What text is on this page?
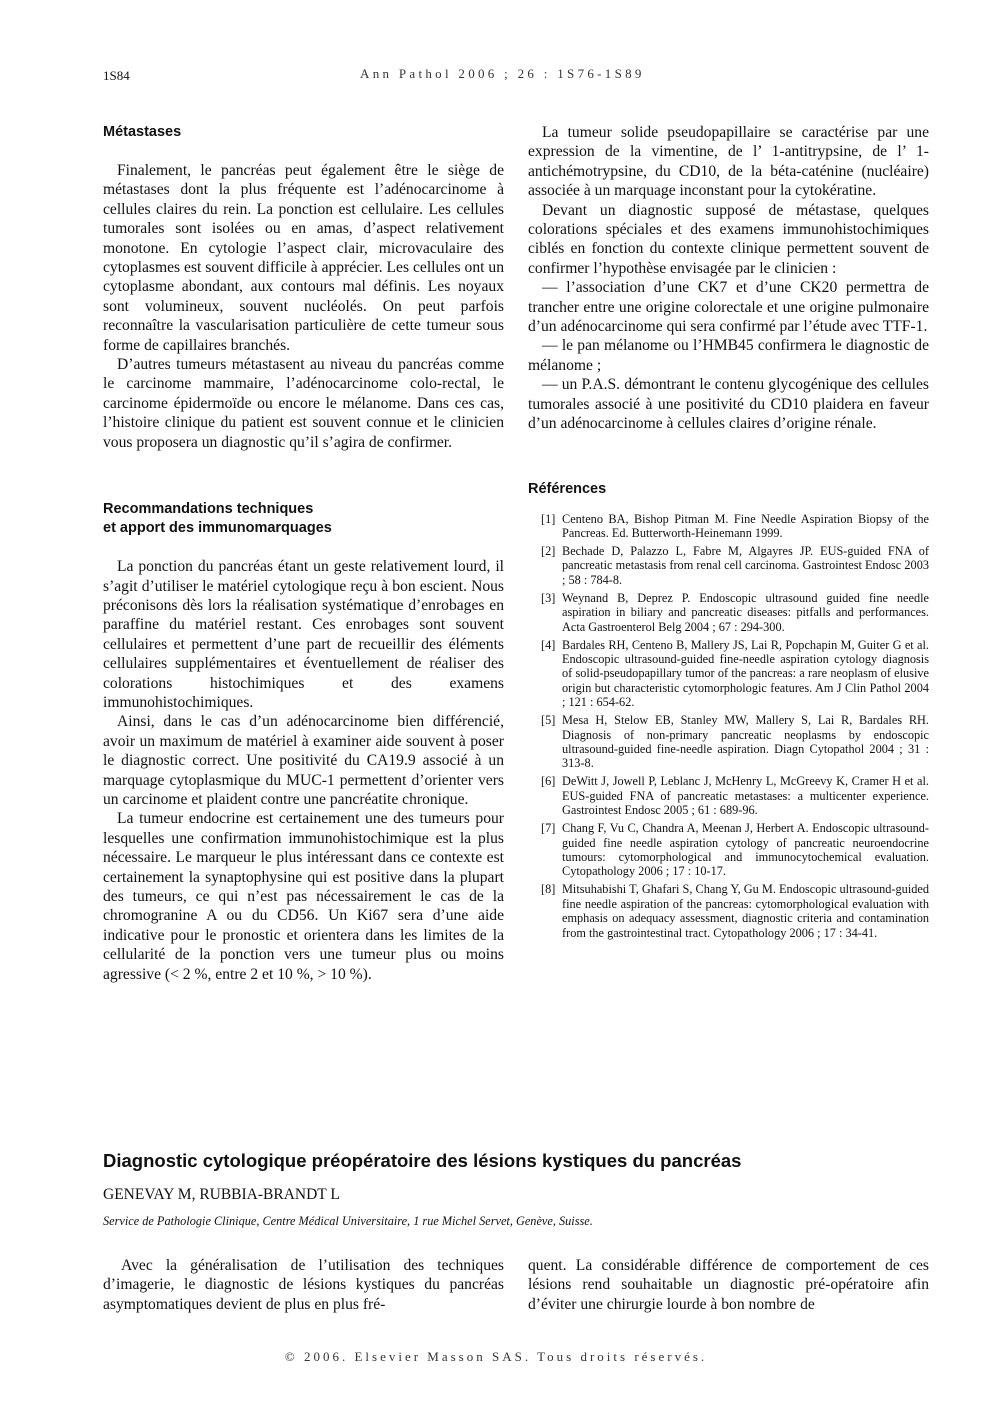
1S84	Ann Pathol 2006 ; 26 : 1S76-1S89
Métastases

Finalement, le pancréas peut également être le siège de métastases dont la plus fréquente est l’adénocarcinome à cellules claires du rein. La ponction est cellulaire. Les cellules tumorales sont isolées ou en amas, d’aspect relativement monotone. En cytologie l’aspect clair, microvaculaire des cytoplasmes est souvent difficile à apprécier. Les cellules ont un cytoplasme abondant, aux contours mal définis. Les noyaux sont volumineux, souvent nucléolés. On peut parfois reconnaître la vascularisation particulière de cette tumeur sous forme de capillaires branchés.

D’autres tumeurs métastasent au niveau du pancréas comme le carcinome mammaire, l’adénocarcinome colo-rectal, le carcinome épidermoïde ou encore le mélanome. Dans ces cas, l’histoire clinique du patient est souvent connue et le clinicien vous proposera un diagnostic qu’il s’agira de confirmer.

Recommandations techniques
et apport des immunomarquages

La ponction du pancréas étant un geste relativement lourd, il s’agit d’utiliser le matériel cytologique reçu à bon escient. Nous préconisons dès lors la réalisation systématique d’enrobages en paraffine du matériel restant. Ces enrobages sont souvent cellulaires et permettent d’une part de recueillir des éléments cellulaires supplémentaires et éventuellement de réaliser des colorations histochimiques et des examens immunohistochimiques.

Ainsi, dans le cas d’un adénocarcinome bien différencié, avoir un maximum de matériel à examiner aide souvent à poser le diagnostic correct. Une positivité du CA19.9 associé à un marquage cytoplasmique du MUC-1 permettent d’orienter vers un carcinome et plaident contre une pancréatite chronique.

La tumeur endocrine est certainement une des tumeurs pour lesquelles une confirmation immunohistochimique est la plus nécessaire. Le marqueur le plus intéressant dans ce contexte est certainement la synaptophysine qui est positive dans la plupart des tumeurs, ce qui n’est pas nécessairement le cas de la chromogranine A ou du CD56. Un Ki67 sera d’une aide indicative pour le pronostic et orientera dans les limites de la cellularité de la ponction vers une tumeur plus ou moins agressive (< 2 %, entre 2 et 10 %, > 10 %).

La tumeur solide pseudopapillaire se caractérise par une expression de la vimentine, de l’ 1-antitrypsine, de l’ 1-antichémotrypsine, du CD10, de la béta-caténine (nucléaire) associée à un marquage inconstant pour la cytokératine.

Devant un diagnostic supposé de métastase, quelques colorations spéciales et des examens immunohistochimiques ciblés en fonction du contexte clinique permettent souvent de confirmer l’hypothèse envisagée par le clinicien :

— l’association d’une CK7 et d’une CK20 permettra de trancher entre une origine colorectale et une origine pulmonaire d’un adénocarcinome qui sera confirmé par l’étude avec TTF-1.

— le pan mélanome ou l’HMB45 confirmera le diagnostic de mélanome ;

— un P.A.S. démontrant le contenu glycogénique des cellules tumorales associé à une positivité du CD10 plaidera en faveur d’un adénocarcinome à cellules claires d’origine rénale.

Références
[1] Centeno BA, Bishop Pitman M. Fine Needle Aspiration Biopsy of the Pancreas. Ed. Butterworth-Heinemann 1999.
[2] Bechade D, Palazzo L, Fabre M, Algayres JP. EUS-guided FNA of pancreatic metastasis from renal cell carcinoma. Gastrointest Endosc 2003 ; 58 : 784-8.
[3] Weynand B, Deprez P. Endoscopic ultrasound guided fine needle aspiration in biliary and pancreatic diseases: pitfalls and performances. Acta Gastroenterol Belg 2004 ; 67 : 294-300.
[4] Bardales RH, Centeno B, Mallery JS, Lai R, Popchapin M, Guiter G et al. Endoscopic ultrasound-guided fine-needle aspiration cytology diagnosis of solid-pseudopapillary tumor of the pancreas: a rare neoplasm of elusive origin but characteristic cytomorphologic features. Am J Clin Pathol 2004 ; 121 : 654-62.
[5] Mesa H, Stelow EB, Stanley MW, Mallery S, Lai R, Bardales RH. Diagnosis of non-primary pancreatic neoplasms by endoscopic ultrasound-guided fine-needle aspiration. Diagn Cytopathol 2004 ; 31 : 313-8.
[6] DeWitt J, Jowell P, Leblanc J, McHenry L, McGreevy K, Cramer H et al. EUS-guided FNA of pancreatic metastases: a multicenter experience. Gastrointest Endosc 2005 ; 61 : 689-96.
[7] Chang F, Vu C, Chandra A, Meenan J, Herbert A. Endoscopic ultrasound-guided fine needle aspiration cytology of pancreatic neuroendocrine tumours: cytomorphological and immunocytochemical evaluation. Cytopathology 2006 ; 17 : 10-17.
[8] Mitsuhabishi T, Ghafari S, Chang Y, Gu M. Endoscopic ultrasound-guided fine needle aspiration of the pancreas: cytomorphological evaluation with emphasis on adequacy assessment, diagnostic criteria and contamination from the gastrointestinal tract. Cytopathology 2006 ; 17 : 34-41.
Diagnostic cytologique préopératoire des lésions kystiques du pancréas
GENEVAY M, RUBBIA-BRANDT L
Service de Pathologie Clinique, Centre Médical Universitaire, 1 rue Michel Servet, Genève, Suisse.
Avec la généralisation de l’utilisation des techniques d’imagerie, le diagnostic de lésions kystiques du pancréas asymptomatiques devient de plus en plus fré-
quent. La considérable différence de comportement de ces lésions rend souhaitable un diagnostic pré-opératoire afin d’éviter une chirurgie lourde à bon nombre de
© 2006. Elsevier Masson SAS. Tous droits réservés.
